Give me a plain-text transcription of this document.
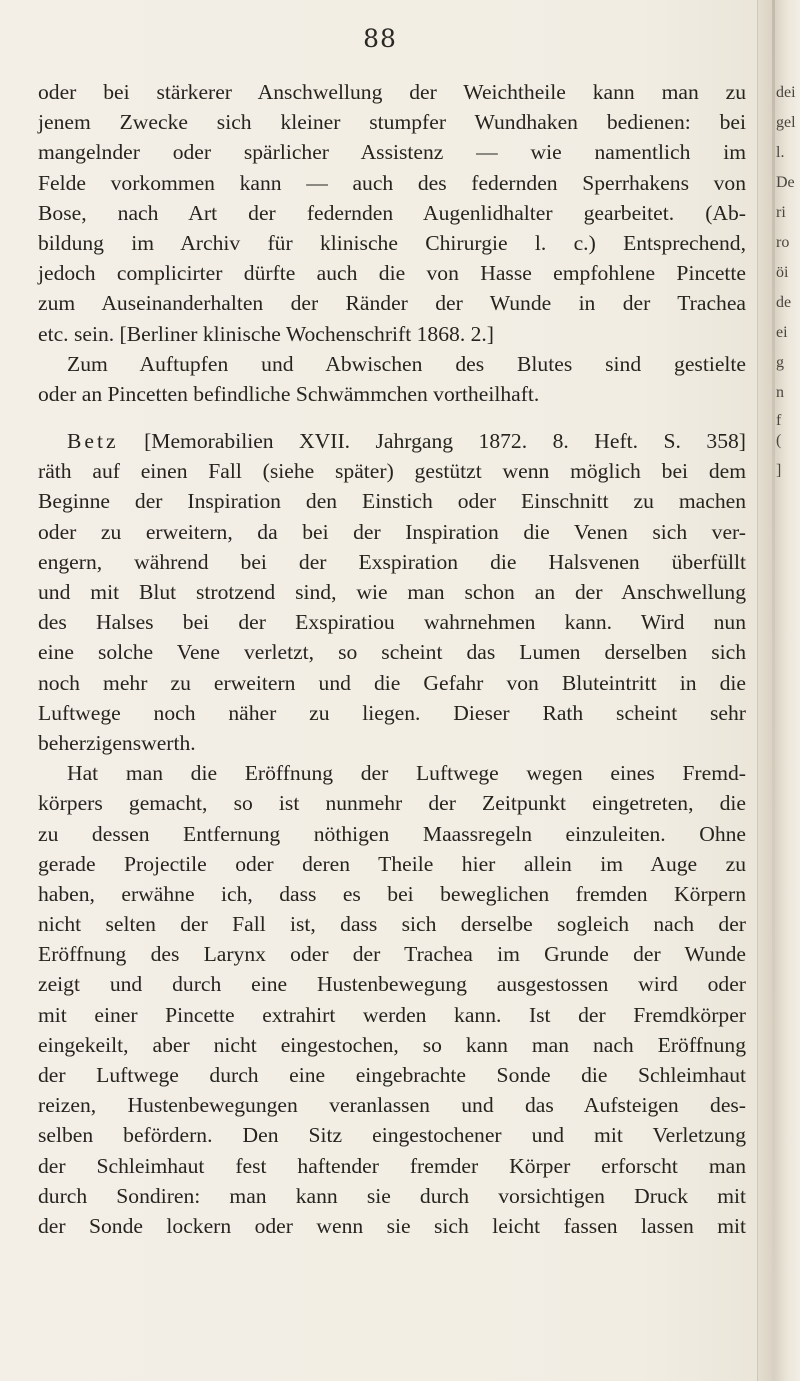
88
oder bei stärkerer Anschwellung der Weichtheile kann man zu
jenem Zwecke sich kleiner stumpfer Wundhaken bedienen: bei
mangelnder oder spärlicher Assistenz — wie namentlich im
Felde vorkommen kann — auch des federnden Sperrhakens von
Bose, nach Art der federnden Augenlidhalter gearbeitet. (Ab-
bildung im Archiv für klinische Chirurgie l. c.) Entsprechend,
jedoch complicirter dürfte auch die von Hasse empfohlene Pincette
zum Auseinanderhalten der Ränder der Wunde in der Trachea
etc. sein. [Berliner klinische Wochenschrift 1868. 2.]
Zum Auftupfen und Abwischen des Blutes sind gestielte
oder an Pincetten befindliche Schwämmchen vortheilhaft.
Betz [Memorabilien XVII. Jahrgang 1872. 8. Heft. S. 358]
räth auf einen Fall (siehe später) gestützt wenn möglich bei dem
Beginne der Inspiration den Einstich oder Einschnitt zu machen
oder zu erweitern, da bei der Inspiration die Venen sich ver-
engern, während bei der Exspiration die Halsvenen überfüllt
und mit Blut strotzend sind, wie man schon an der Anschwellung
des Halses bei der Exspiratiou wahrnehmen kann. Wird nun
eine solche Vene verletzt, so scheint das Lumen derselben sich
noch mehr zu erweitern und die Gefahr von Bluteintritt in die
Luftwege noch näher zu liegen. Dieser Rath scheint sehr
beherzigenswerth.
Hat man die Eröffnung der Luftwege wegen eines Fremd-
körpers gemacht, so ist nunmehr der Zeitpunkt eingetreten, die
zu dessen Entfernung nöthigen Maassregeln einzuleiten. Ohne
gerade Projectile oder deren Theile hier allein im Auge zu
haben, erwähne ich, dass es bei beweglichen fremden Körpern
nicht selten der Fall ist, dass sich derselbe sogleich nach der
Eröffnung des Larynx oder der Trachea im Grunde der Wunde
zeigt und durch eine Hustenbewegung ausgestossen wird oder
mit einer Pincette extrahirt werden kann. Ist der Fremdkörper
eingekeilt, aber nicht eingestochen, so kann man nach Eröffnung
der Luftwege durch eine eingebrachte Sonde die Schleimhaut
reizen, Hustenbewegungen veranlassen und das Aufsteigen des-
selben befördern. Den Sitz eingestochener und mit Verletzung
der Schleimhaut fest haftender fremder Körper erforscht man
durch Sondiren: man kann sie durch vorsichtigen Druck mit
der Sonde lockern oder wenn sie sich leicht fassen lassen mit
dei
gel
l.
De
ri
ro
öi
de
ei
g
n
f
(
]
